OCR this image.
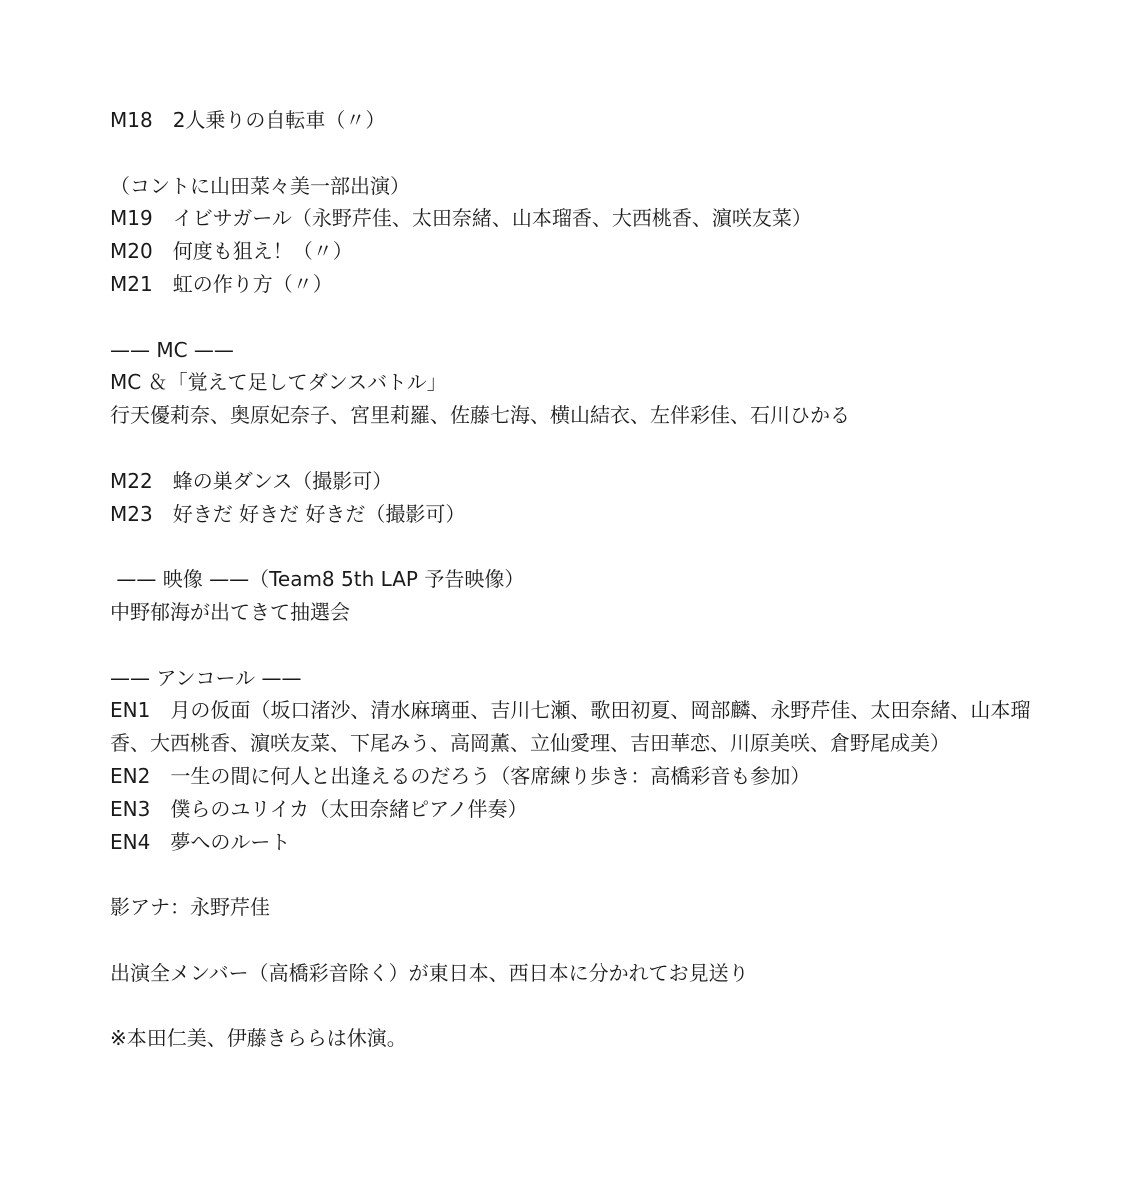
M18　2人乗りの自転車（〃）
（コントに山田菜々美一部出演）
M19　イビサガール（永野芹佳、太田奈緒、山本瑠香、大西桃香、濵咲友菜）
M20　何度も狙え！（〃）
M21　虹の作り方（〃）
—— MC ——
MC ＆「覚えて足してダンスバトル」
行天優莉奈、奥原妃奈子、宮里莉羅、佐藤七海、横山結衣、左伴彩佳、石川ひかる
M22　蜂の巣ダンス（撮影可）
M23　好きだ 好きだ 好きだ（撮影可）
—— 映像 ——（Team8 5th LAP 予告映像）
中野郁海が出てきて抽選会
—— アンコール ——
EN1　月の仮面（坂口渚沙、清水麻璃亜、吉川七瀬、歌田初夏、岡部麟、永野芹佳、太田奈緒、山本瑠香、大西桃香、濵咲友菜、下尾みう、高岡薫、立仙愛理、吉田華恋、川原美咲、倉野尾成美）
EN2　一生の間に何人と出逢えるのだろう（客席練り歩き：高橋彩音も参加）
EN3　僕らのユリイカ（太田奈緒ピアノ伴奏）
EN4　夢へのルート
影アナ：永野芹佳
出演全メンバー（高橋彩音除く）が東日本、西日本に分かれてお見送り
※本田仁美、伊藤きららは休演。
